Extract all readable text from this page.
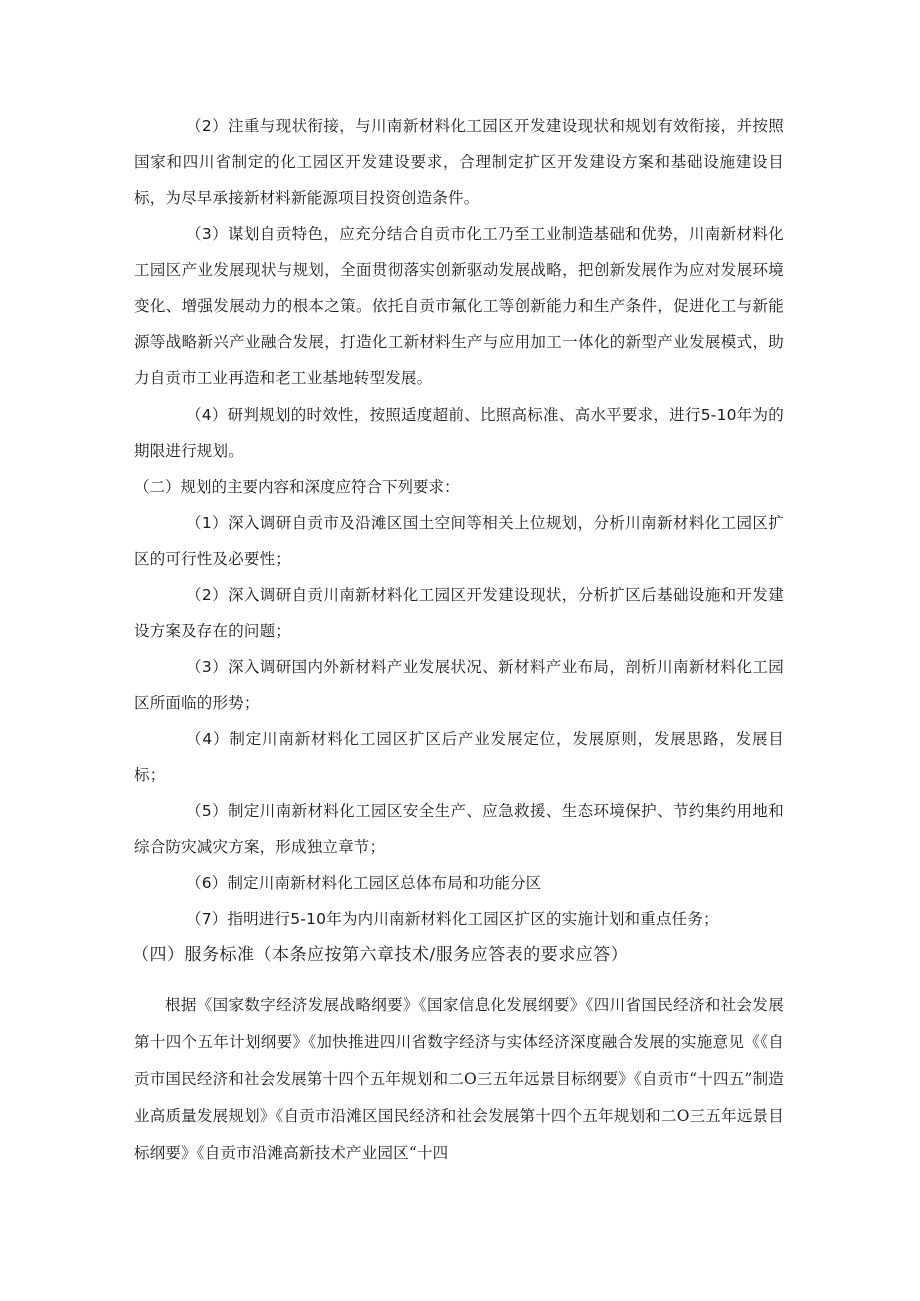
（2）注重与现状衔接，与川南新材料化工园区开发建设现状和规划有效衔接，并按照国家和四川省制定的化工园区开发建设要求，合理制定扩区开发建设方案和基础设施建设目标，为尽早承接新材料新能源项目投资创造条件。

（3）谋划自贡特色，应充分结合自贡市化工乃至工业制造基础和优势，川南新材料化工园区产业发展现状与规划，全面贯彻落实创新驱动发展战略，把创新发展作为应对发展环境变化、增强发展动力的根本之策。依托自贡市氟化工等创新能力和生产条件，促进化工与新能源等战略新兴产业融合发展，打造化工新材料生产与应用加工一体化的新型产业发展模式，助力自贡市工业再造和老工业基地转型发展。

（4）研判规划的时效性，按照适度超前、比照高标准、高水平要求，进行5-10年为的期限进行规划。

（二）规划的主要内容和深度应符合下列要求：

（1）深入调研自贡市及沿滩区国土空间等相关上位规划，分析川南新材料化工园区扩区的可行性及必要性；

（2）深入调研自贡川南新材料化工园区开发建设现状，分析扩区后基础设施和开发建设方案及存在的问题；

（3）深入调研国内外新材料产业发展状况、新材料产业布局，剖析川南新材料化工园区所面临的形势；

（4）制定川南新材料化工园区扩区后产业发展定位，发展原则，发展思路，发展目标；

（5）制定川南新材料化工园区安全生产、应急救援、生态环境保护、节约集约用地和综合防灾减灾方案，形成独立章节；

（6）制定川南新材料化工园区总体布局和功能分区

（7）指明进行5-10年为内川南新材料化工园区扩区的实施计划和重点任务；

（四）服务标准（本条应按第六章技术/服务应答表的要求应答）

根据《国家数字经济发展战略纲要》《国家信息化发展纲要》《四川省国民经济和社会发展第十四个五年计划纲要》《加快推进四川省数字经济与实体经济深度融合发展的实施意见《《自贡市国民经济和社会发展第十四个五年规划和二O三五年远景目标纲要》《自贡市“十四五”制造业高质量发展规划》《自贡市沿滩区国民经济和社会发展第十四个五年规划和二O三五年远景目标纲要》《自贡市沿滩高新技术产业园区“十四
